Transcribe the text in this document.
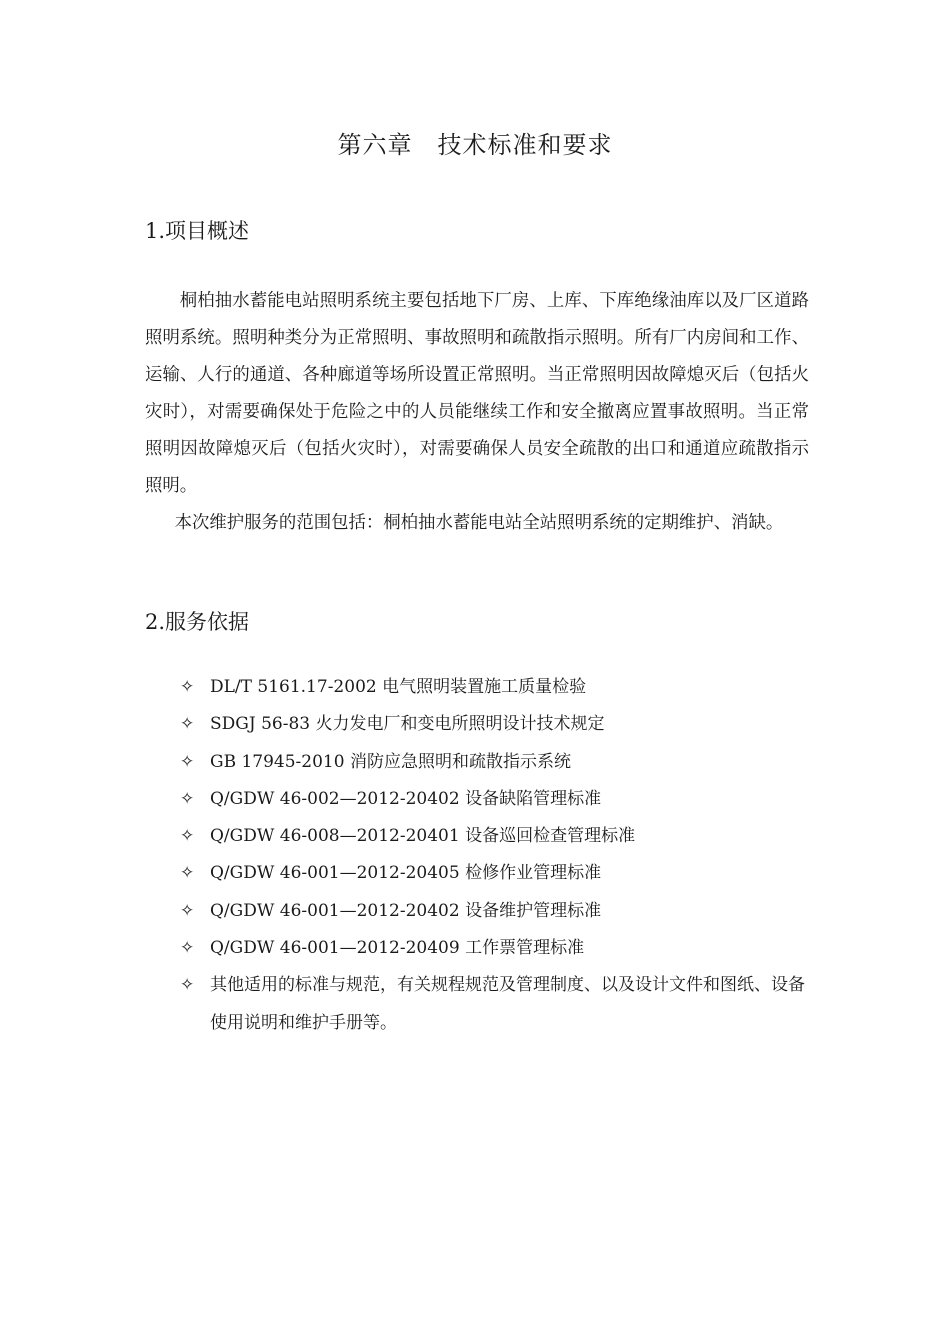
第六章　技术标准和要求
1.项目概述
桐柏抽水蓄能电站照明系统主要包括地下厂房、上库、下库绝缘油库以及厂区道路照明系统。照明种类分为正常照明、事故照明和疏散指示照明。所有厂内房间和工作、运输、人行的通道、各种廊道等场所设置正常照明。当正常照明因故障熄灭后（包括火灾时），对需要确保处于危险之中的人员能继续工作和安全撤离应置事故照明。当正常照明因故障熄灭后（包括火灾时），对需要确保人员安全疏散的出口和通道应疏散指示照明。
本次维护服务的范围包括：桐柏抽水蓄能电站全站照明系统的定期维护、消缺。
2.服务依据
✧ DL/T 5161.17-2002 电气照明装置施工质量检验
✧ SDGJ 56-83 火力发电厂和变电所照明设计技术规定
✧ GB 17945-2010 消防应急照明和疏散指示系统
✧ Q/GDW 46-002—2012-20402 设备缺陷管理标准
✧ Q/GDW 46-008—2012-20401 设备巡回检查管理标准
✧ Q/GDW 46-001—2012-20405 检修作业管理标准
✧ Q/GDW 46-001—2012-20402 设备维护管理标准
✧ Q/GDW 46-001—2012-20409 工作票管理标准
✧ 其他适用的标准与规范，有关规程规范及管理制度、以及设计文件和图纸、设备使用说明和维护手册等。
